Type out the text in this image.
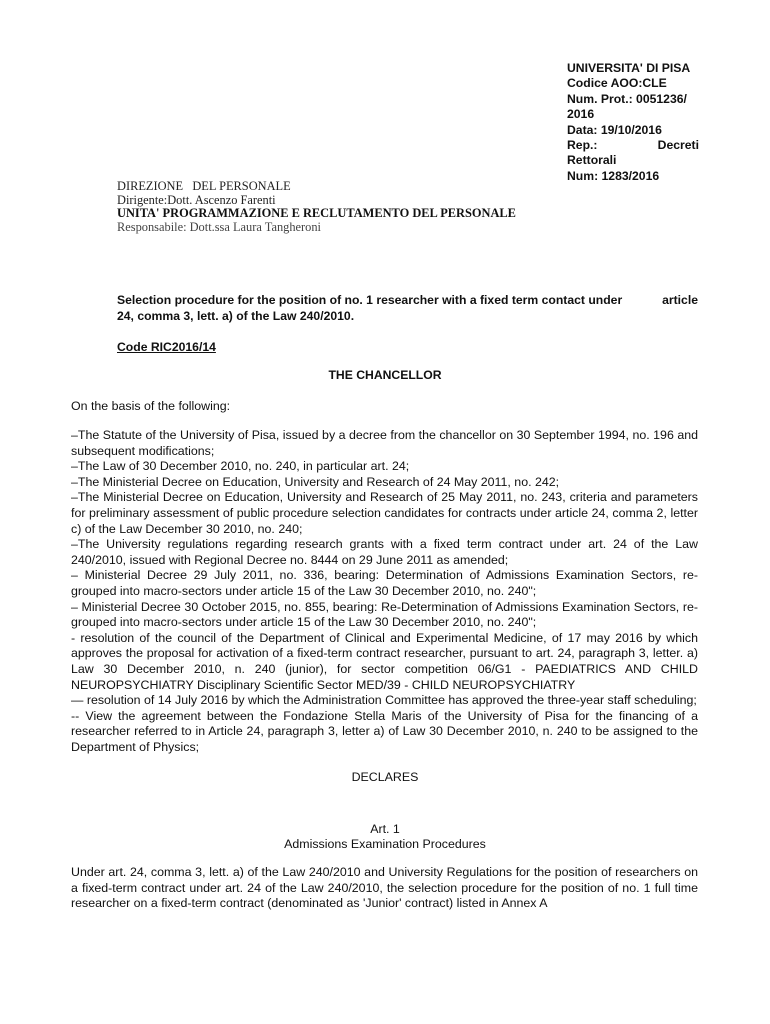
UNIVERSITA' DI PISA
Codice AOO:CLE
Num. Prot.: 0051236/
2016
Data: 19/10/2016
Rep.:	Decreti
Rettorali
Num: 1283/2016
DIREZIONE   DEL PERSONALE
Dirigente:Dott. Ascenzo Farenti
UNITA' PROGRAMMAZIONE E RECLUTAMENTO DEL PERSONALE
Responsabile: Dott.ssa Laura Tangheroni
Selection procedure for the position of no. 1 researcher with a fixed term contact under	article
24, comma 3, lett. a) of the Law 240/2010.
Code RIC2016/14
THE CHANCELLOR
On the basis of the following:

–The Statute of the University of Pisa, issued by a decree from the chancellor on 30 September 1994, no. 196 and subsequent modifications;

–The Law of 30 December 2010, no. 240, in particular art. 24;

–The Ministerial Decree on Education, University and Research of 24 May 2011, no. 242;

–The Ministerial Decree on Education, University and Research of 25 May 2011, no. 243, criteria and parameters for preliminary assessment of public procedure selection candidates for contracts under article 24, comma 2, letter c) of the Law December 30 2010, no. 240;

–The University regulations regarding research grants with a fixed term contract under art. 24 of the Law 240/2010, issued with Regional Decree no. 8444 on 29 June 2011 as amended;

– Ministerial Decree 29 July 2011, no. 336, bearing: Determination of Admissions Examination Sectors, re-grouped into macro-sectors under article 15 of the Law 30 December 2010, no. 240";

– Ministerial Decree 30 October 2015, no. 855, bearing: Re-Determination of Admissions Examination Sectors, re-grouped into macro-sectors under article 15 of the Law 30 December 2010, no. 240";

- resolution of the council of the Department of Clinical and Experimental Medicine, of 17 may 2016 by which approves the proposal for activation of a fixed-term contract researcher, pursuant to art. 24, paragraph 3, letter. a) Law 30 December 2010, n. 240 (junior), for sector competition 06/G1 - PAEDIATRICS AND CHILD NEUROPSYCHIATRY Disciplinary Scientific Sector MED/39 - CHILD NEUROPSYCHIATRY

— resolution of 14 July 2016 by which the Administration Committee has approved the three-year staff scheduling;

-- View the agreement between the Fondazione Stella Maris of the University of Pisa for the financing of a researcher referred to in Article 24, paragraph 3, letter a) of Law 30 December 2010, n. 240 to be assigned to the Department of Physics;

DECLARES
Art. 1
Admissions Examination Procedures
Under art. 24, comma 3, lett. a) of the Law 240/2010 and University Regulations for the position of researchers on a fixed-term contract under art. 24 of the Law 240/2010, the selection procedure for the position of no. 1 full time researcher on a fixed-term contract (denominated as 'Junior' contract) listed in Annex A
